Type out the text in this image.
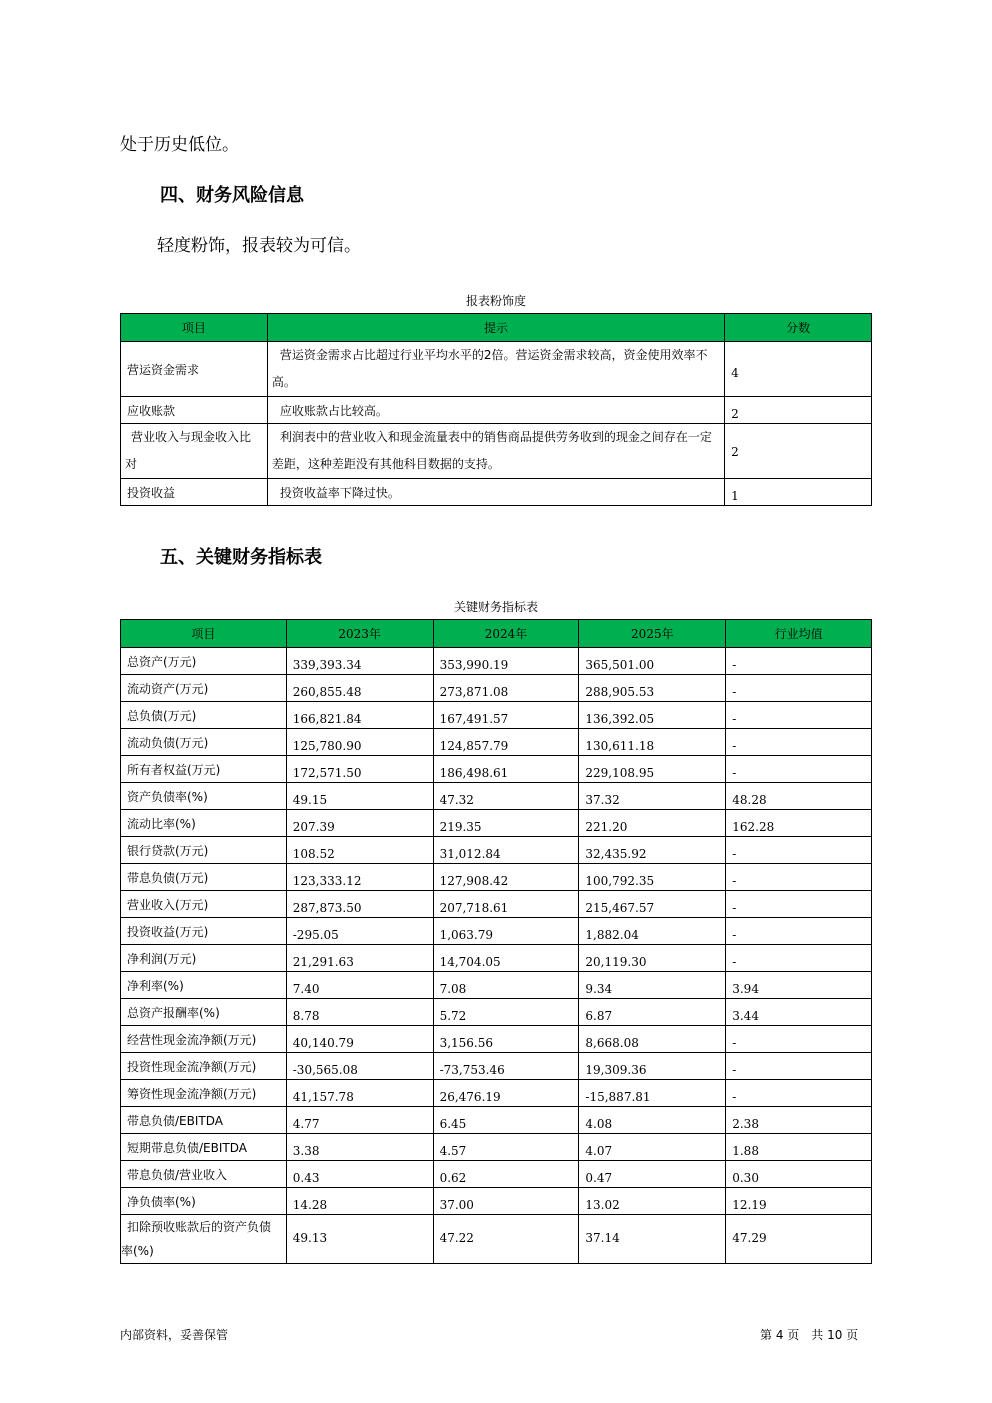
处于历史低位。
四、财务风险信息
轻度粉饰，报表较为可信。
报表粉饰度
项目	提示	分数
营运资金需求	营运资金需求占比超过行业平均水平的2倍。营运资金需求较高，资金使用效率不高。	4
应收账款	应收账款占比较高。	2
营业收入与现金收入比对	利润表中的营业收入和现金流量表中的销售商品提供劳务收到的现金之间存在一定差距，这种差距没有其他科目数据的支持。	2
投资收益	投资收益率下降过快。	1
五、关键财务指标表
关键财务指标表
项目	2023年	2024年	2025年	行业均值
总资产(万元)	339,393.34	353,990.19	365,501.00	-
流动资产(万元)	260,855.48	273,871.08	288,905.53	-
总负债(万元)	166,821.84	167,491.57	136,392.05	-
流动负债(万元)	125,780.90	124,857.79	130,611.18	-
所有者权益(万元)	172,571.50	186,498.61	229,108.95	-
资产负债率(%)	49.15	47.32	37.32	48.28
流动比率(%)	207.39	219.35	221.20	162.28
银行贷款(万元)	108.52	31,012.84	32,435.92	-
带息负债(万元)	123,333.12	127,908.42	100,792.35	-
营业收入(万元)	287,873.50	207,718.61	215,467.57	-
投资收益(万元)	-295.05	1,063.79	1,882.04	-
净利润(万元)	21,291.63	14,704.05	20,119.30	-
净利率(%)	7.40	7.08	9.34	3.94
总资产报酬率(%)	8.78	5.72	6.87	3.44
经营性现金流净额(万元)	40,140.79	3,156.56	8,668.08	-
投资性现金流净额(万元)	-30,565.08	-73,753.46	19,309.36	-
筹资性现金流净额(万元)	41,157.78	26,476.19	-15,887.81	-
带息负债/EBITDA	4.77	6.45	4.08	2.38
短期带息负债/EBITDA	3.38	4.57	4.07	1.88
带息负债/营业收入	0.43	0.62	0.47	0.30
净负债率(%)	14.28	37.00	13.02	12.19
扣除预收账款后的资产负债率(%)	49.13	47.22	37.14	47.29
内部资料，妥善保管	第 4 页　共 10 页
